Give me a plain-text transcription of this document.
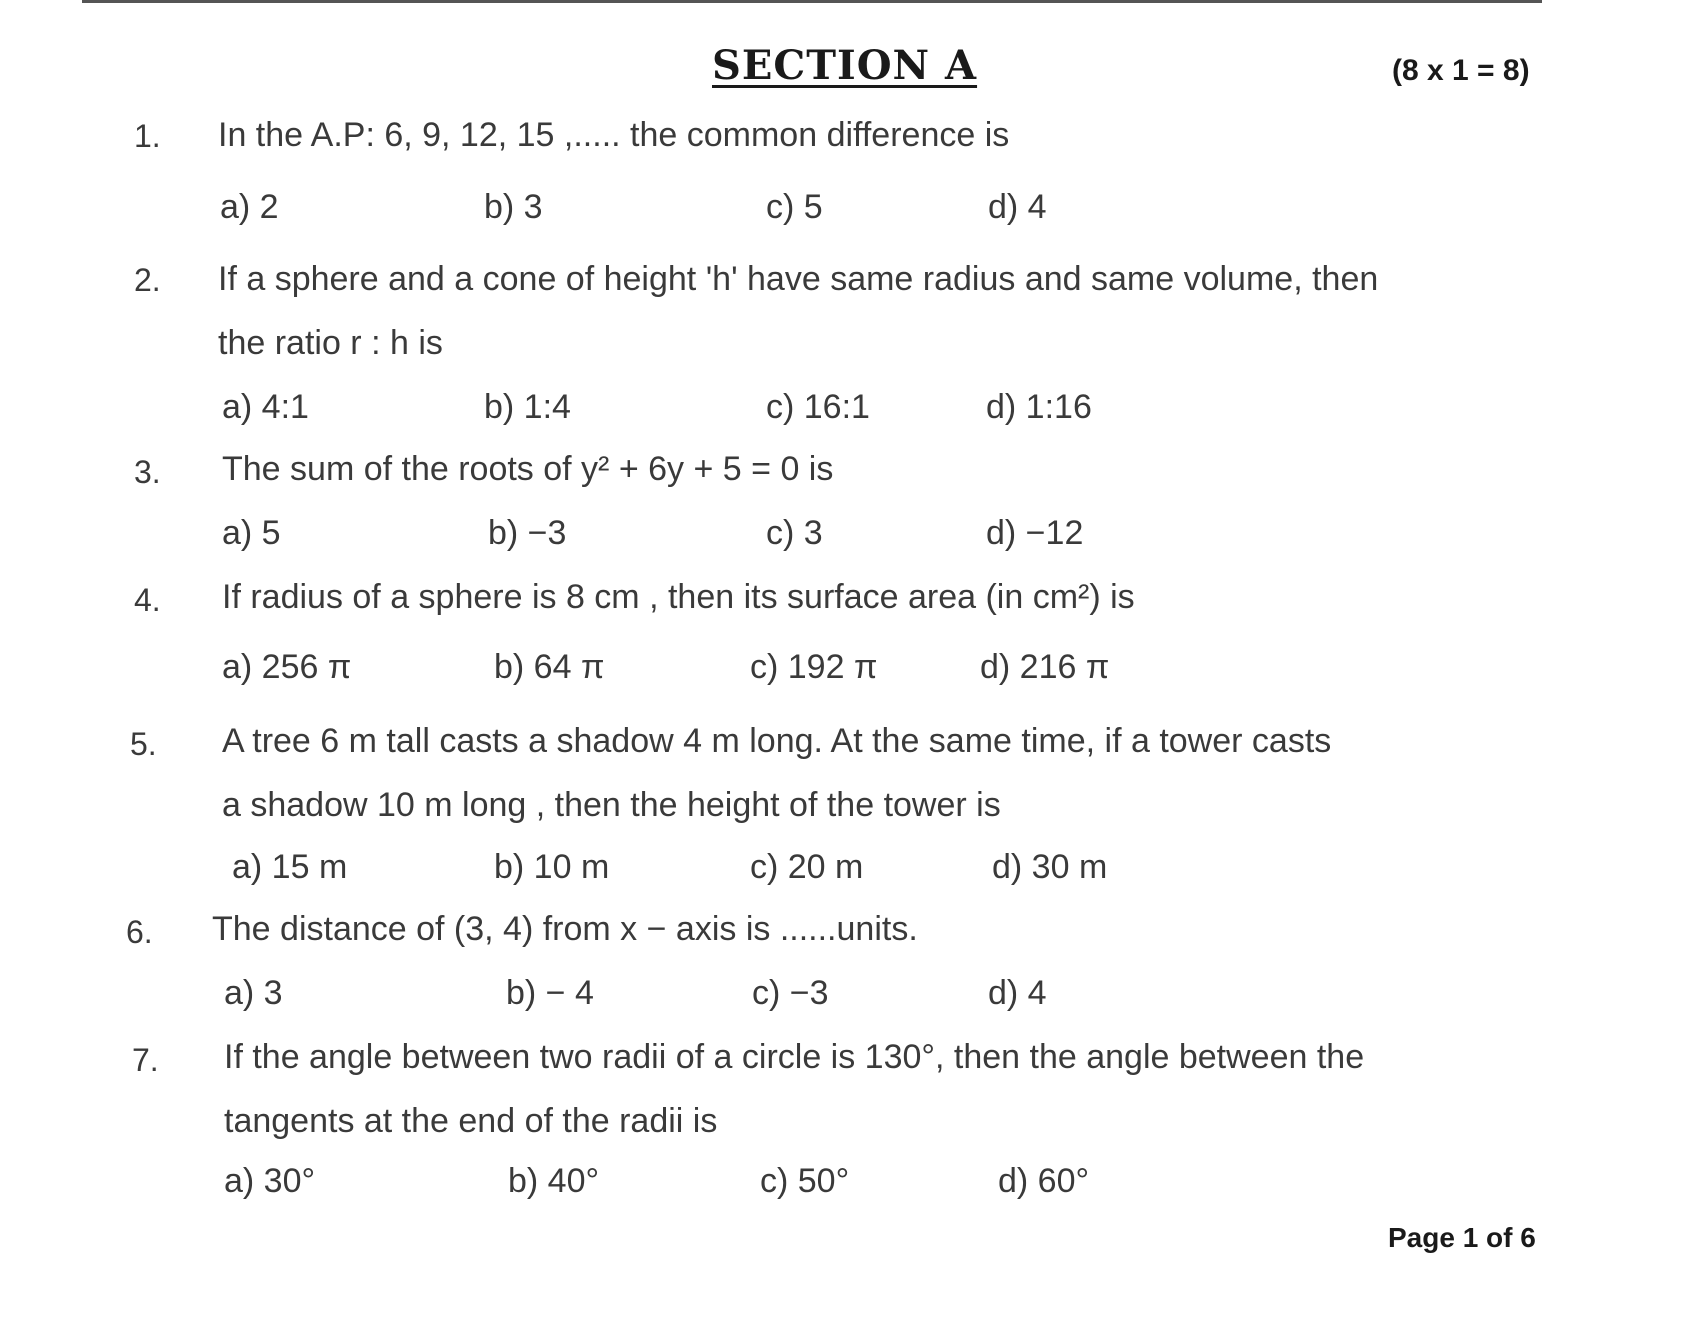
SECTION A	(8 x 1 = 8)
1. In the A.P: 6, 9, 12, 15 ,..... the common difference is
a) 2	b) 3	c) 5	d) 4
2. If a sphere and a cone of height 'h' have same radius and same volume, then
the ratio r : h is
a) 4:1	b) 1:4	c) 16:1	d) 1:16
3. The sum of the roots of y² + 6y + 5 = 0 is
a) 5	b) −3	c) 3	d) −12
4. If radius of a sphere is 8 cm , then its surface area (in cm²) is
a) 256 π	b) 64 π	c) 192 π	d) 216 π
5. A tree 6 m tall casts a shadow 4 m long. At the same time, if a tower casts
a shadow 10 m long , then the height of the tower is
a) 15 m	b) 10 m	c) 20 m	d) 30 m
6. The distance of (3, 4) from x − axis is ......units.
a) 3	b) − 4	c) −3	d) 4
7. If the angle between two radii of a circle is 130°, then the angle between the
tangents at the end of the radii is
a) 30°	b) 40°	c) 50°	d) 60°
Page 1 of 6
